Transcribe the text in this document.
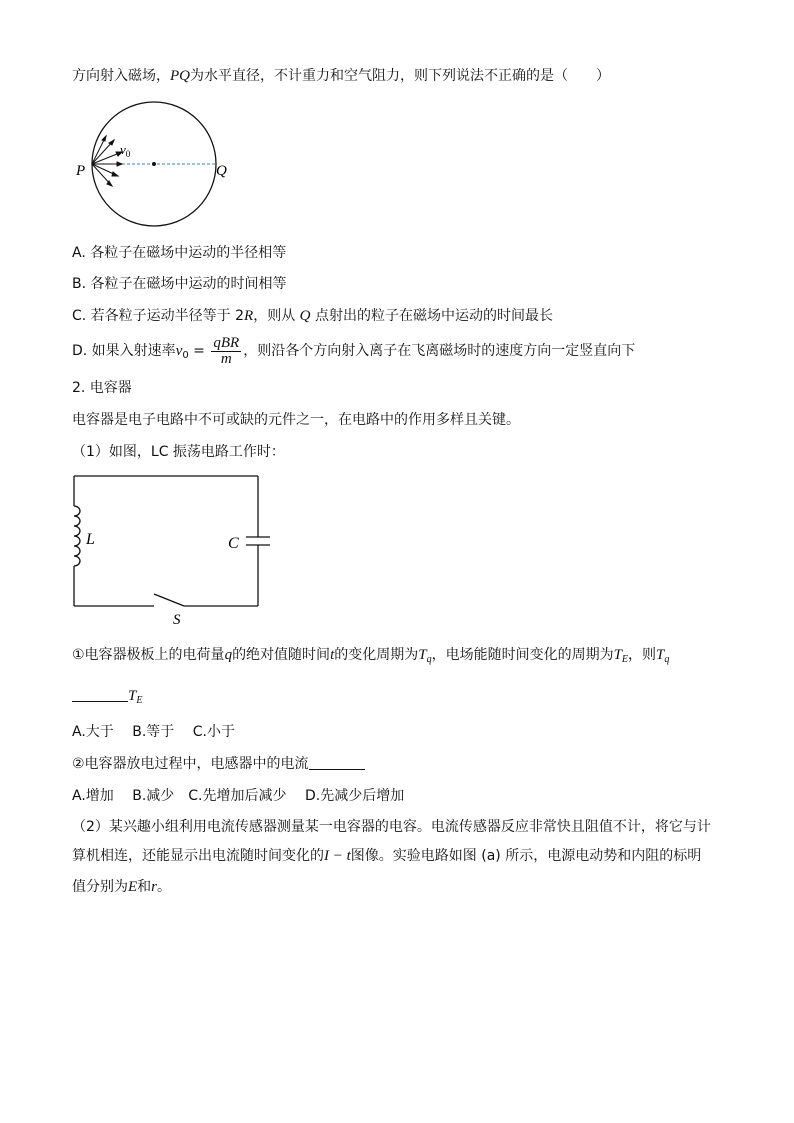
方向射入磁场，PQ为水平直径，不计重力和空气阻力，则下列说法不正确的是（　　）
P	Q
$v_0$
A. 各粒子在磁场中运动的半径相等
B. 各粒子在磁场中运动的时间相等
C. 若各粒子运动半径等于 2R，则从 Q 点射出的粒子在磁场中运动的时间最长
D. 如果入射速率$v_0 = \frac{\text{qBR}}{m}$ ，则沿各个方向射入离子在飞离磁场时的速度方向一定竖直向下
2. 电容器
电容器是电子电路中不可或缺的元件之一，在电路中的作用多样且关键。
（1）如图，LC 振荡电路工作时：
L	C
S
①电容器极板上的电荷量q的绝对值随时间t的变化周期为$T_q$，电场能随时间变化的周期为$T_E$，则$T_q$
$T_E$
A.大于　 B.等于　 C.小于
②电容器放电过程中，电感器中的电流
A.增加　 B.减少　C.先增加后减少　 D.先减少后增加
（2）某兴趣小组利用电流传感器测量某一电容器的电容。电流传感器反应非常快且阻值不计，将它与计
算机相连，还能显示出电流随时间变化的I − t图像。实验电路如图 (a) 所示，电源电动势和内阻的标明
值分别为E和r。
